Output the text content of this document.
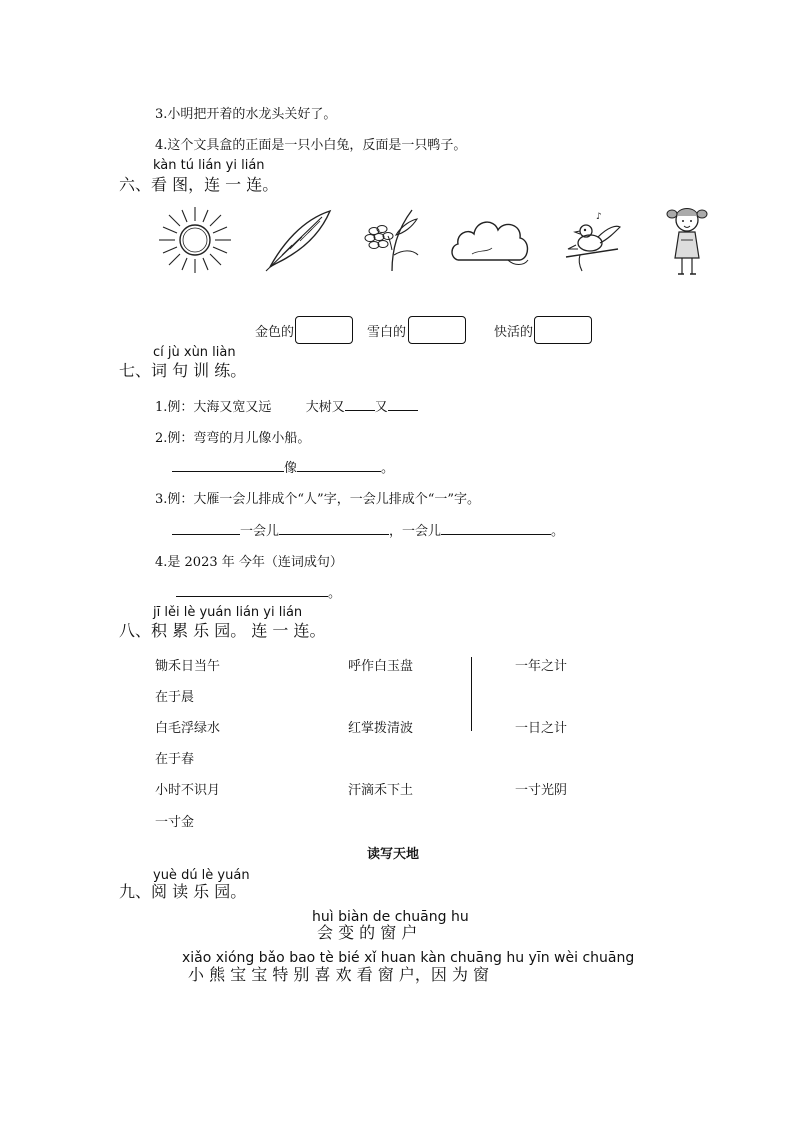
3.小明把开着的水龙头关好了。
4.这个文具盒的正面是一只小白兔，反面是一只鸭子。
kàn tú lián yi lián
六、看 图，连 一 连。
♪
金色的	雪白的	快活的
cí jù xùn liàn
七、词 句 训 练。
1.例：大海又宽又远	大树又 又
2.例：弯弯的月儿像小船。
像	。
3.例：大雁一会儿排成个“人”字，一会儿排成个“一”字。
一会儿	，一会儿	。
4.是 2023 年 今年（连词成句）
。
jī lěi lè yuán lián yi lián
八、积 累 乐 园。 连 一 连。
锄禾日当午	呼作白玉盘	一年之计
在于晨
白毛浮绿水	红掌拨清波	一日之计
在于春
小时不识月	汗滴禾下土	一寸光阴
一寸金
读写天地
yuè dú lè yuán
九、阅 读 乐 园。
huì biàn de chuāng hu
会 变 的 窗 户
xiǎo xióng bǎo bao tè bié xǐ huan kàn chuāng hu yīn wèi chuāng
小 熊 宝 宝 特 别 喜 欢 看 窗 户，因 为 窗
